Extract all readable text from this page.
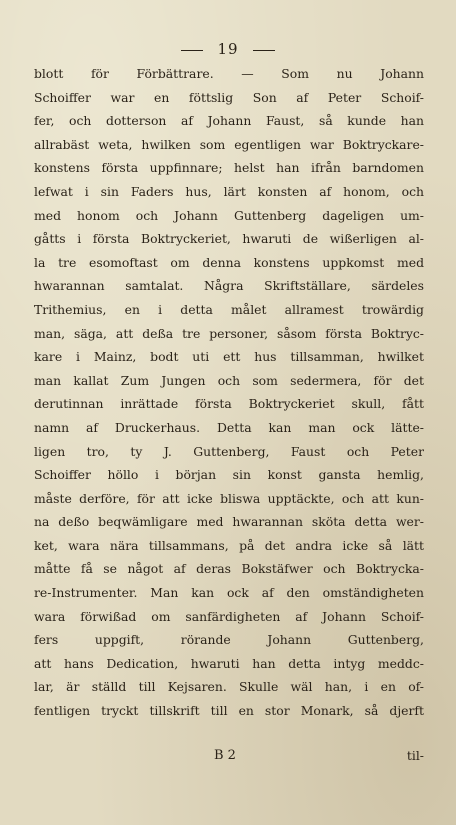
19
blott för Förbättrare. — Som nu Johann
Schoiffer war en föttslig Son af Peter Schoif-
fer, och dotterson af Johann Faust, så kunde han
allrabäst weta, hwilken som egentligen war Boktryckare-
konstens första uppfinnare; helst han ifrån barndomen
lefwat i sin Faders hus, lärt konsten af honom, och
med honom och Johann Guttenberg dageligen um-
gåtts i första Boktryckeriet, hwaruti de wißerligen al-
la tre esomoftast om denna konstens uppkomst med
hwarannan samtalat. Några Skriftställare, särdeles
Trithemius, en i detta målet allramest trowärdig
man, säga, att deßa tre personer, såsom första Boktryc-
kare i Mainz, bodt uti ett hus tillsamman, hwilket
man kallat Zum Jungen och som sedermera, för det
derutinnan inrättade första Boktryckeriet skull, fått
namn af Druckerhaus. Detta kan man ock lätte-
ligen tro, ty J. Guttenberg, Faust och Peter
Schoiffer höllo i början sin konst gansta hemlig,
måste derföre, för att icke bliswa upptäckte, och att kun-
na deßo beqwämligare med hwarannan sköta detta wer-
ket, wara nära tillsammans, på det andra icke så lätt
måtte få se något af deras Bokstäfwer och Boktrycka-
re-Instrumenter. Man kan ock af den omständigheten
wara förwißad om sanfärdigheten af Johann Schoif-
fers uppgift, rörande Johann Guttenberg,
att hans Dedication, hwaruti han detta intyg meddc-
lar, är ställd till Kejsaren. Skulle wäl han, i en of-
fentligen tryckt tillskrift till en stor Monark, så djerft
B 2	til-
